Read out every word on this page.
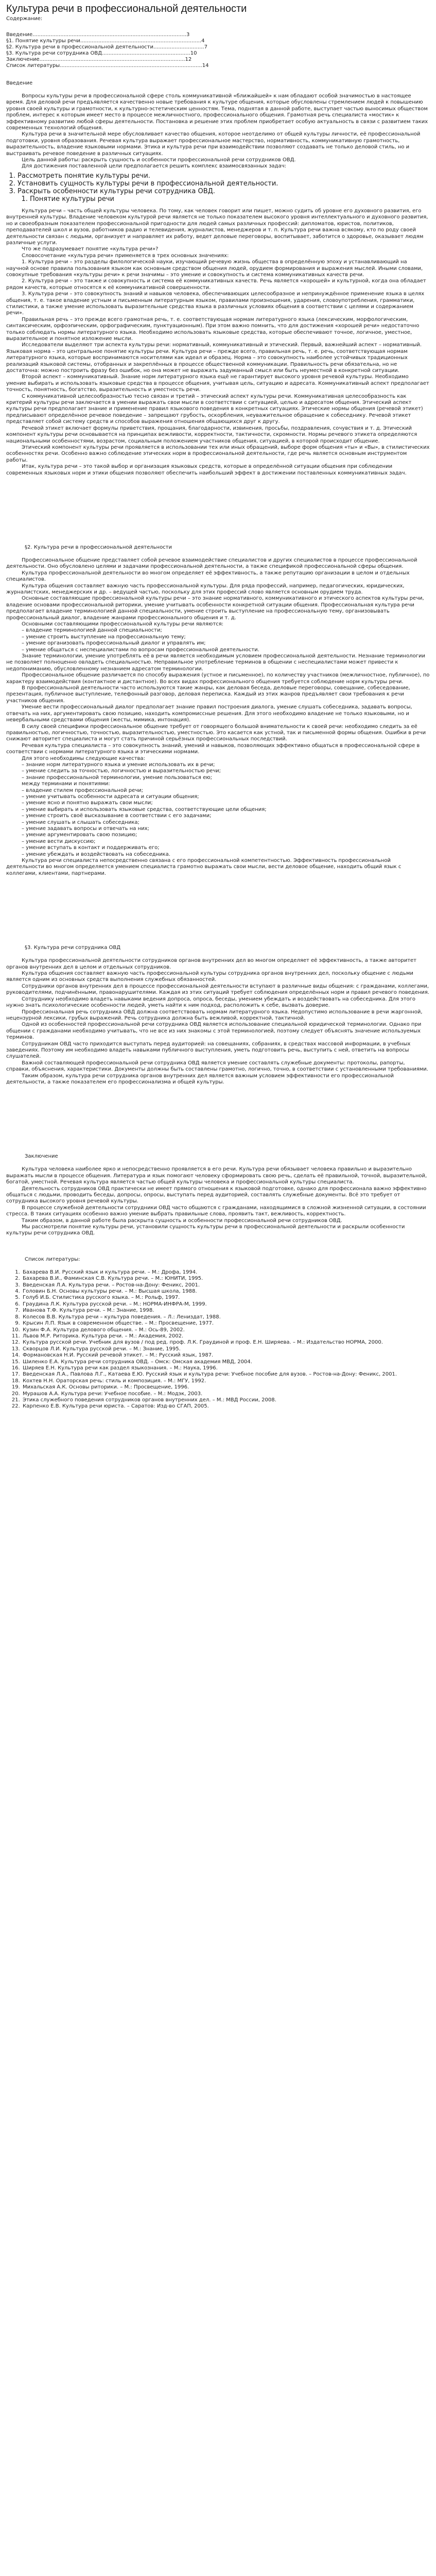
Культура речи в профессиональной деятельности
Содержание:
Введение .............................................................................................. 3
§1. Понятие культуры речи .......................................................................... 4
§2. Культура речи в профессиональной деятельности ............................... 7
§3. Культура речи сотрудника ОВД ...................................................... 10
Заключение ......................................................................................... 12
Список литературы ....................................................................................... 14
Введение

Вопросы культуры речи в профессиональной сфере столь коммуникативной «ближайшей» к нам обладают особой значимостью в настоящее время. Для деловой речи предъявляется качественно новые требования к культуре общения, которые обусловлены стремлением людей к повышению уровня своей культуры и грамотности, к культурно-эстетическим ценностям. Тема, поднятая в данной работе, выступает частью выносимых обществом проблем, интерес к которым имеет место в процессе межличностного, профессионального общения. Грамотная речь специалиста «мостик» к эффективному развитию любой сферы деятельности. Постановка и решение этих проблем приобретает особую актуальность в связи с развитием таких современных технологий общения.

Культура речи в значительной мере обусловливает качество общения, которое неотделимо от общей культуры личности, её профессиональной подготовки, уровня образования. Речевая культура выражает профессиональное мастерство, нормативность, коммуникативную грамотность, выразительность, владение языковыми нормами. Этика и культура речи при взаимодействии позволяют создавать не только деловой стиль, но и выстраивать речевое поведение в различных ситуациях.

Цель данной работы: раскрыть сущность и особенности профессиональной речи сотрудников ОВД.

Для достижения поставленной цели предполагается решить комплекс взаимосвязанных задач:

1. Рассмотреть понятие культуры речи.
2. Установить сущность культуры речи в профессиональной деятельности.
3. Раскрыть особенности культуры речи сотрудника ОВД.
1. Понятие культуры речи

Культура речи – часть общей культуры человека. По тому, как человек говорит или пишет, можно судить об уровне его духовного развития, его внутренней культуры. Владение человеком культурой речи является не только показателем высокого уровня интеллектуального и духовного развития, но и своеобразным показателем профессиональной пригодности для людей самых различных профессий: дипломатов, юристов, политиков, преподавателей школ и вузов, работников радио и телевидения, журналистов, менеджеров и т. п. Культура речи важна всякому, кто по роду своей деятельности связан с людьми, организует и направляет их работу, ведет деловые переговоры, воспитывает, заботится о здоровье, оказывает людям различные услуги.

Что же подразумевает понятие «культура речи»?

Словосочетание «культура речи» применяется в трех основных значениях:

1. Культура речи – это разделы филологической науки, изучающий речевую жизнь общества в определённую эпоху и устанавливающий на научной основе правила пользования языком как основным средством общения людей, орудием формирования и выражения мыслей. Иными словами, совокупные требования «культуры речи» к речи значимы – это умение и совокупность и система коммуникативных качеств речи.

2. Культура речи – это также и совокупность и система её коммуникативных качеств. Речь является «хорошей» и культурной, когда она обладает рядом качеств, которые относятся к её коммуникативной совершенности.

3. Культура речи – это совокупность знаний и навыков человека, обеспечивающих целесообразное и непринуждённое применение языка в целях общения, т. е. такое владение устным и письменным литературным языком, правилами произношения, ударения, словоупотребления, грамматики, стилистики, а также умение использовать выразительные средства языка в различных условиях общения в соответствии с целями и содержанием речи».

Правильная речь – это прежде всего грамотная речь, т. е. соответствующая нормам литературного языка (лексическим, морфологическим, синтаксическим, орфоэпическим, орфографическим, пунктуационным). При этом важно помнить, что для достижения «хорошей речи» недостаточно только соблюдать нормы литературного языка. Необходимо использовать языковые средства, которые обеспечивают точное, логичное, уместное, выразительное и понятное изложение мысли.

Исследователи выделяют три аспекта культуры речи: нормативный, коммуникативный и этический. Первый, важнейший аспект – нормативный. Языковая норма – это центральное понятие культуры речи. Культура речи – прежде всего, правильная речь, т. е. речь, соответствующая нормам литературного языка, которые воспринимаются носителями как идеал и образец. Норма – это совокупность наиболее устойчивых традиционных реализаций языковой системы, отобранных и закреплённых в процессе общественной коммуникации. Правильность речи обязательна, но не достаточна: можно построить фразу без ошибок, но она может не выражать задуманный смысл или быть неуместной в конкретной ситуации.

Второй аспект – коммуникативный. Знание норм литературного языка ещё не гарантирует высокого уровня речевой культуры. Необходимо умение выбирать и использовать языковые средства в процессе общения, учитывая цель, ситуацию и адресата. Коммуникативный аспект предполагает точность, понятность, богатство, выразительность и уместность речи.

С коммуникативной целесообразностью тесно связан и третий – этический аспект культуры речи. Коммуникативная целесообразность как критерий культуры речи заключается в умении выражать свои мысли в соответствии с ситуацией, целью и адресатом общения. Этический аспект культуры речи предполагает знание и применение правил языкового поведения в конкретных ситуациях. Этические нормы общения (речевой этикет) предписывают определённое речевое поведение – запрещают грубость, оскорбления, неуважительное обращение к собеседнику. Речевой этикет представляет собой систему средств и способов выражения отношения общающихся друг к другу.

Речевой этикет включает формулы приветствия, прощания, благодарности, извинения, просьбы, поздравления, сочувствия и т. д. Этический компонент культуры речи основывается на принципах вежливости, корректности, тактичности, скромности. Нормы речевого этикета определяются национальными особенностями, возрастом, социальным положением участников общения, ситуацией, в которой происходит общение.

Этический компонент культуры речи проявляется в использовании тех или иных обращений, выборе форм общения «ты» и «Вы», в стилистических особенностях речи. Особенно важно соблюдение этических норм в профессиональной деятельности, где речь является основным инструментом работы.

Итак, культура речи – это такой выбор и организация языковых средств, которые в определённой ситуации общения при соблюдении современных языковых норм и этики общения позволяют обеспечить наибольший эффект в достижении поставленных коммуникативных задач.

§2. Культура речи в профессиональной деятельности

Профессиональное общение представляет собой речевое взаимодействие специалистов и других специалистов в процессе профессиональной деятельности. Оно обусловлено целями и задачами профессиональной деятельности, а также спецификой профессиональной сферы общения.

Культура профессиональной деятельности во многом определяет её эффективность, а также репутацию организации в целом и отдельных специалистов.

Культура общения составляет важную часть профессиональной культуры. Для ряда профессий, например, педагогических, юридических, журналистских, менеджерских и др. – ведущей частью, поскольку для этих профессий слово является основным орудием труда.

Основные составляющие профессиональной культуры речи – это знание нормативного, коммуникативного и этического аспектов культуры речи, владение основами профессиональной риторики, умение учитывать особенности конкретной ситуации общения. Профессиональная культура речи предполагает владение терминологией данной специальности, умение строить выступление на профессиональную тему, организовывать профессиональный диалог, владение жанрами профессионального общения и т. д.

Основными составляющими профессиональной культуры речи являются:

– владение терминологией данной специальности;

– умение строить выступление на профессиональную тему;

– умение организовать профессиональный диалог и управлять им;

– умение общаться с неспециалистами по вопросам профессиональной деятельности.

Знание терминологии, умение употреблять её в речи является необходимым условием профессиональной деятельности. Незнание терминологии не позволяет полноценно овладеть специальностью. Неправильное употребление терминов в общении с неспециалистами может привести к недопониманию, обусловленному незнанием адресатом терминологии.

Профессиональное общение различается по способу выражения (устное и письменное), по количеству участников (межличностное, публичное), по характеру взаимодействия (контактное и дистантное). Во всех видах профессионального общения требуется соблюдение норм культуры речи.

В профессиональной деятельности часто используются такие жанры, как деловая беседа, деловые переговоры, совещание, собеседование, презентация, публичное выступление, телефонный разговор, деловая переписка. Каждый из этих жанров предъявляет свои требования к речи участников общения.

Умение вести профессиональный диалог предполагает знание правил построения диалога, умение слушать собеседника, задавать вопросы, отвечать на них, аргументировать свою позицию, находить компромиссные решения. Для этого необходимо владение не только языковыми, но и невербальными средствами общения (жесты, мимика, интонация).

В силу своей специфики профессиональное общение требует от говорящего большой внимательности к своей речи: необходимо следить за её правильностью, логичностью, точностью, выразительностью, уместностью. Это касается как устной, так и письменной формы общения. Ошибки в речи снижают авторитет специалиста и могут стать причиной серьёзных профессиональных последствий.

Речевая культура специалиста – это совокупность знаний, умений и навыков, позволяющих эффективно общаться в профессиональной сфере в соответствии с нормами литературного языка и этическими нормами.

Для этого необходимы следующие качества:

– знание норм литературного языка и умение использовать их в речи;

– умение следить за точностью, логичностью и выразительностью речи;

– знание профессиональной терминологии, умение пользоваться ею;

между терминами и понятиями:

– владение стилем профессиональной речи;

– умение учитывать особенности адресата и ситуации общения;

– умение ясно и понятно выражать свои мысли;

– умение выбирать и использовать языковые средства, соответствующие цели общения;

– умение строить своё высказывание в соответствии с его задачами;

– умение слушать и слышать собеседника;

– умение задавать вопросы и отвечать на них;

– умение аргументировать свою позицию;

– умение вести дискуссию;

– умение вступать в контакт и поддерживать его;

– умение убеждать и воздействовать на собеседника.

Культура речи специалиста непосредственно связана с его профессиональной компетентностью. Эффективность профессиональной деятельности во многом определяется умением специалиста грамотно выражать свои мысли, вести деловое общение, находить общий язык с коллегами, клиентами, партнерами.

§3. Культура речи сотрудника ОВД

Культура профессиональной деятельности сотрудников органов внутренних дел во многом определяет её эффективность, а также авторитет органов внутренних дел в целом и отдельных сотрудников.

Культура общения составляет важную часть профессиональной культуры сотрудника органов внутренних дел, поскольку общение с людьми является одним из основных средств выполнения служебных обязанностей.

Сотрудники органов внутренних дел в процессе профессиональной деятельности вступают в различные виды общения: с гражданами, коллегами, руководителями, подчинёнными, правонарушителями. Каждая из этих ситуаций требует соблюдения определённых норм и правил речевого поведения.

Сотруднику необходимо владеть навыками ведения допроса, опроса, беседы, умением убеждать и воздействовать на собеседника. Для этого нужно знать психологические особенности людей, уметь найти к ним подход, расположить к себе, вызвать доверие.

Профессиональная речь сотрудника ОВД должна соответствовать нормам литературного языка. Недопустимо использование в речи жаргонной, нецензурной лексики, грубых выражений. Речь сотрудника должна быть вежливой, корректной, тактичной.

Одной из особенностей профессиональной речи сотрудника ОВД является использование специальной юридической терминологии. Однако при общении с гражданами необходимо учитывать, что не все из них знакомы с этой терминологией, поэтому следует объяснять значение используемых терминов.

Сотрудникам ОВД часто приходится выступать перед аудиторией: на совещаниях, собраниях, в средствах массовой информации, в учебных заведениях. Поэтому им необходимо владеть навыками публичного выступления, уметь подготовить речь, выступить с ней, ответить на вопросы слушателей.

Важной составляющей профессиональной речи сотрудника ОВД является умение составлять служебные документы: протоколы, рапорты, справки, объяснения, характеристики. Документы должны быть составлены грамотно, логично, точно, в соответствии с установленными требованиями.

Таким образом, культура речи сотрудника органов внутренних дел является важным условием эффективности его профессиональной деятельности, а также показателем его профессионализма и общей культуры.

Заключение

Культура человека наиболее ярко и непосредственно проявляется в его речи. Культура речи обязывает человека правильно и выразительно выражать мысли в процессе общения. Литература и язык помогают человеку сформировать свою речь, сделать её правильной, точной, выразительной, богатой, уместной. Речевая культура является частью общей культуры человека и профессиональной культуры специалиста.

Деятельность сотрудников ОВД практически не имеет прямого отношения к языковой подготовке, однако для профессионала важно эффективно общаться с людьми, проводить беседы, допросы, опросы, выступать перед аудиторией, составлять служебные документы. Всё это требует от сотрудника высокого уровня речевой культуры.

В процессе служебной деятельности сотрудники ОВД часто общаются с гражданами, находящимися в сложной жизненной ситуации, в состоянии стресса. В таких ситуациях особенно важно умение выбрать правильные слова, проявить такт, вежливость, корректность.

Таким образом, в данной работе была раскрыта сущность и особенности профессиональной речи сотрудников ОВД.

Мы рассмотрели понятие культуры речи, установили сущность культуры речи в профессиональной деятельности и раскрыли особенности культуры речи сотрудника ОВД.

Список литературы:
1. Бахарева В.И. Русский язык и культура речи. – М.: Дрофа, 1994.
2. Бахарева В.И., Фаминская С.В. Культура речи. – М.: ЮНИТИ, 1995.
3. Введенская Л.А. Культура речи. – Ростов-на-Дону: Феникс, 2001.
4. Головин Б.Н. Основы культуры речи. – М.: Высшая школа, 1988.
5. Голуб И.Б. Стилистика русского языка. – М.: Рольф, 1997.
6. Граудина Л.К. Культура русской речи. – М.: НОРМА-ИНФРА-М, 1999.
7. Иванова Т.Ф. Культура речи. – М.: Знание, 1998.
8. Колесов В.В. Культура речи – культура поведения. – Л.: Лениздат, 1988.
9. Крысин Л.П. Язык в современном обществе. – М.: Просвещение, 1977.
10. Кузин Ф.А. Культура делового общения. – М.: Ось-89, 2002.
11. Львов М.Р. Риторика. Культура речи. – М.: Академия, 2002.
12. Культура русской речи. Учебник для вузов / под ред. проф. Л.К. Граудиной и проф. Е.Н. Ширяева. – М.: Издательство НОРМА, 2000.
13. Скворцов Л.И. Культура русской речи. – М.: Знание, 1995.
14. Формановская Н.И. Русский речевой этикет. – М.: Русский язык, 1987.
15. Шиленко Е.А. Культура речи сотрудника ОВД. – Омск: Омская академия МВД, 2004.
16. Ширяев Е.Н. Культура речи как раздел языкознания. – М.: Наука, 1996.
17. Введенская Л.А., Павлова Л.Г., Катаева Е.Ю. Русский язык и культура речи: Учебное пособие для вузов. – Ростов-на-Дону: Феникс, 2001.
18. Кохтев Н.Н. Ораторская речь: стиль и композиция. – М.: МГУ, 1992.
19. Михальская А.К. Основы риторики. – М.: Просвещение, 1996.
20. Мурашов А.А. Культура речи: Учебное пособие. – М.: Модэк, 2003.
21. Этика служебного поведения сотрудников органов внутренних дел. – М.: МВД России, 2008.
22. Карпенко Е.В. Культура речи юриста. – Саратов: Изд-во СГАП, 2005.
